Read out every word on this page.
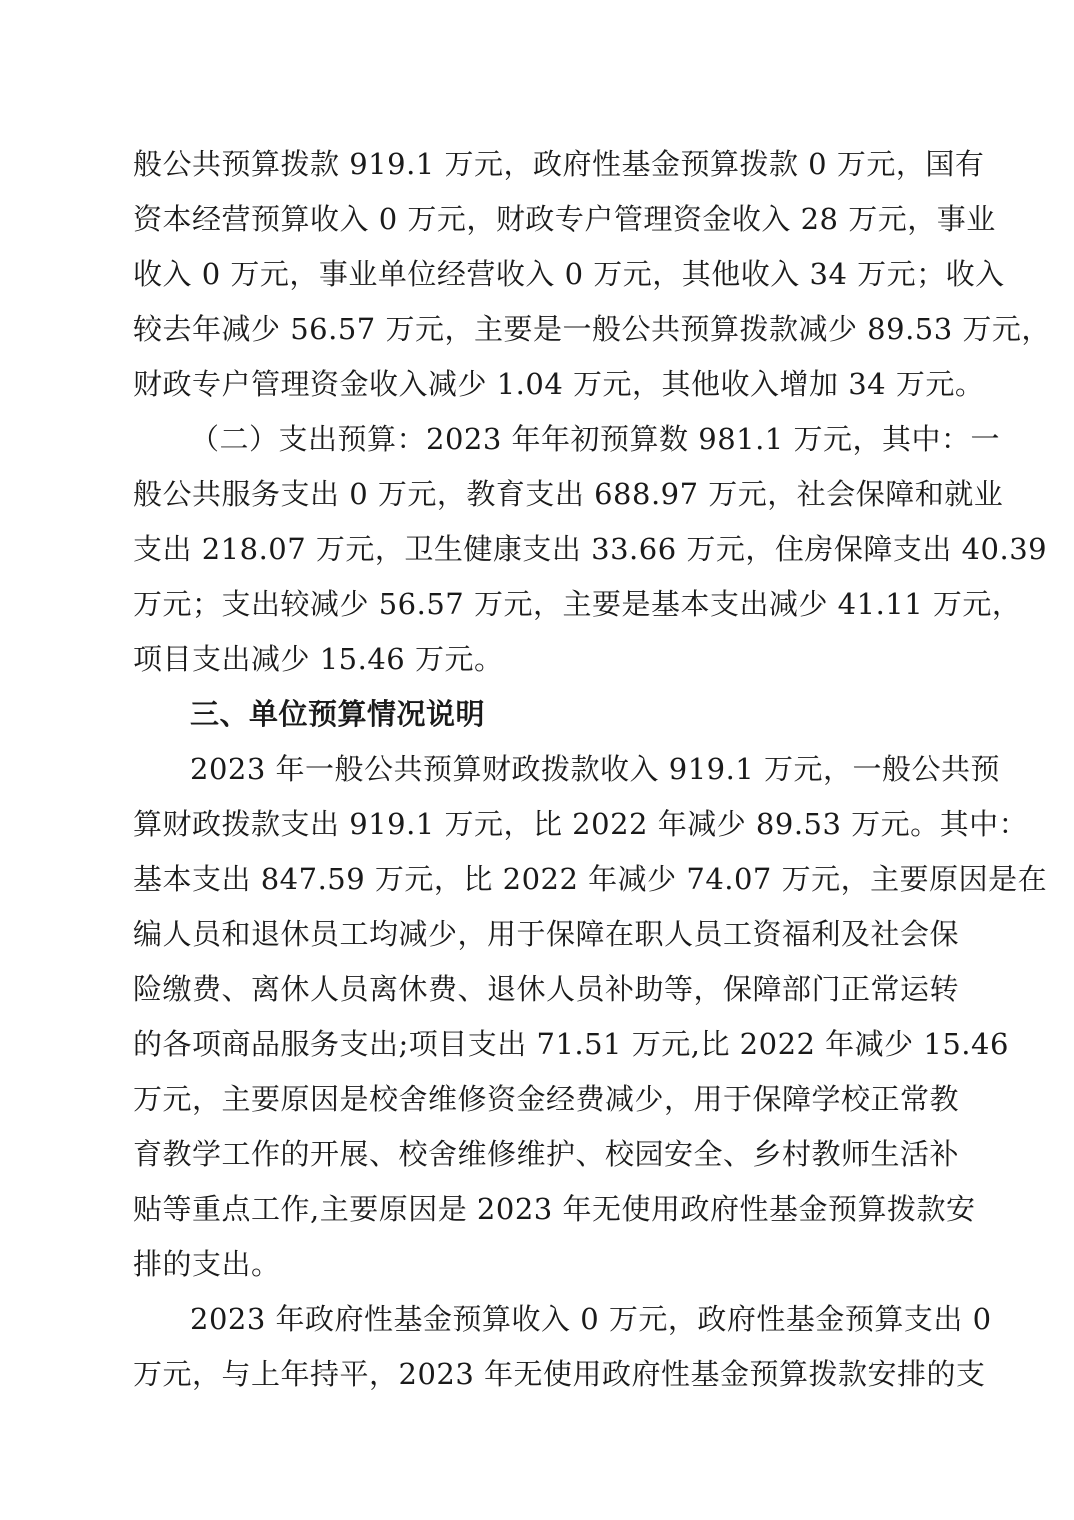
般公共预算拨款 919.1 万元，政府性基金预算拨款 0 万元，国有
资本经营预算收入 0 万元，财政专户管理资金收入 28 万元，事业
收入 0 万元，事业单位经营收入 0 万元，其他收入 34 万元；收入
较去年减少 56.57 万元，主要是一般公共预算拨款减少 89.53 万元，
财政专户管理资金收入减少 1.04 万元，其他收入增加 34 万元。
（二）支出预算：2023 年年初预算数 981.1 万元，其中：一
般公共服务支出 0 万元，教育支出 688.97 万元，社会保障和就业
支出 218.07 万元，卫生健康支出 33.66 万元，住房保障支出 40.39
万元；支出较减少 56.57 万元，主要是基本支出减少 41.11 万元，
项目支出减少 15.46 万元。
三、单位预算情况说明
2023 年一般公共预算财政拨款收入 919.1 万元，一般公共预
算财政拨款支出 919.1 万元，比 2022 年减少 89.53 万元。其中：
基本支出 847.59 万元，比 2022 年减少 74.07 万元，主要原因是在
编人员和退休员工均减少，用于保障在职人员工资福利及社会保
险缴费、离休人员离休费、退休人员补助等，保障部门正常运转
的各项商品服务支出;项目支出 71.51 万元,比 2022 年减少 15.46
万元，主要原因是校舍维修资金经费减少，用于保障学校正常教
育教学工作的开展、校舍维修维护、校园安全、乡村教师生活补
贴等重点工作,主要原因是 2023 年无使用政府性基金预算拨款安
排的支出。
2023 年政府性基金预算收入 0 万元，政府性基金预算支出 0
万元，与上年持平，2023 年无使用政府性基金预算拨款安排的支
